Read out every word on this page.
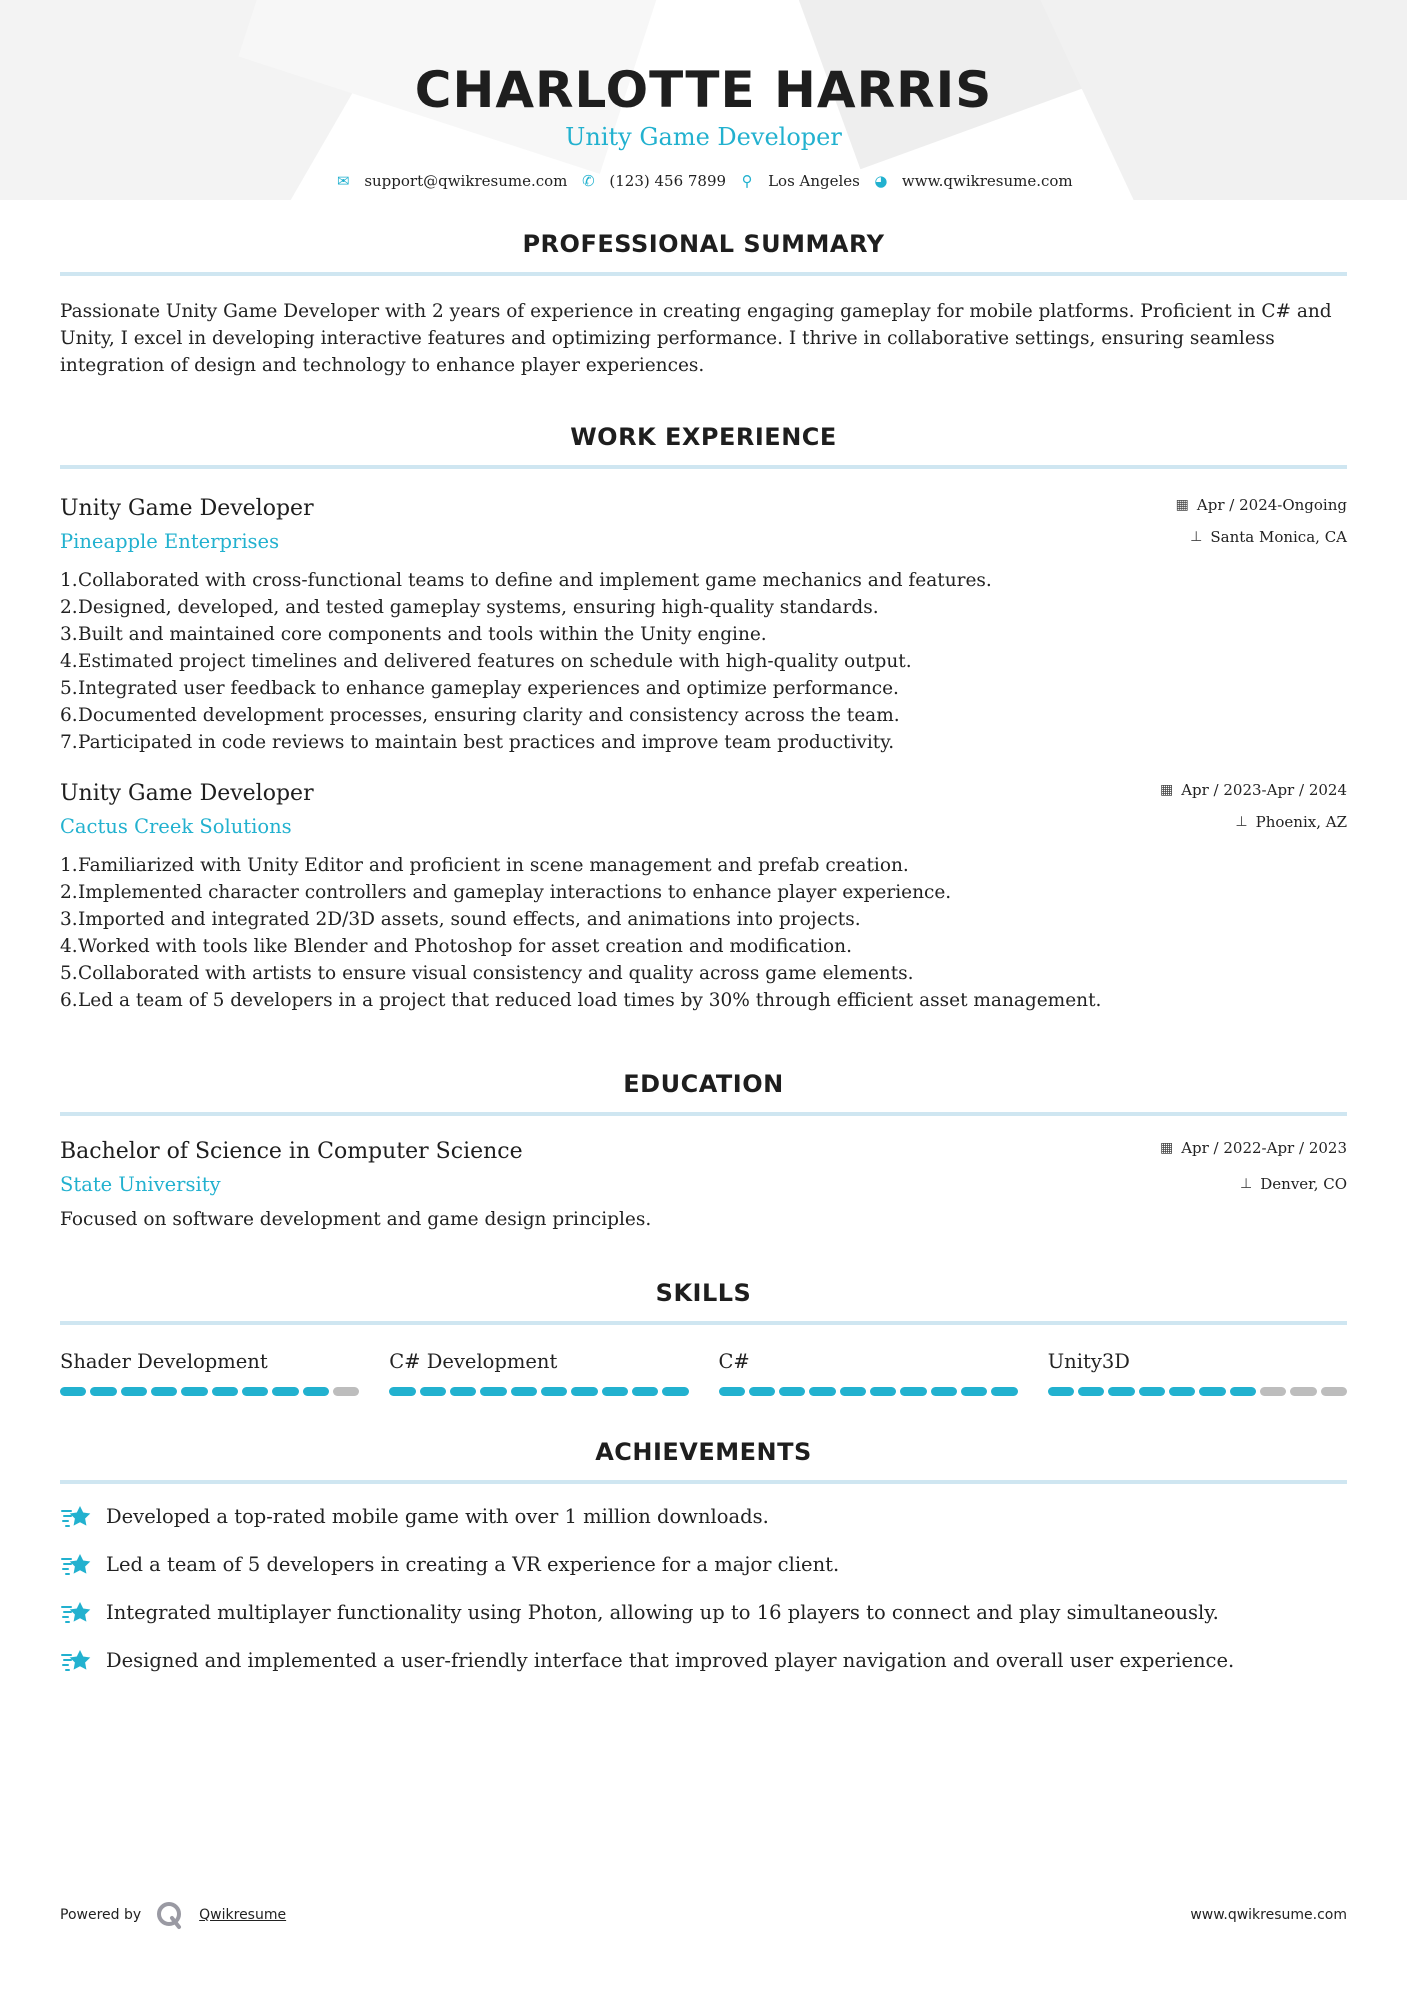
CHARLOTTE HARRIS
Unity Game Developer
✉ support@qwikresume.com ✆ (123) 456 7899 ⚲ Los Angeles ◕ www.qwikresume.com
PROFESSIONAL SUMMARY

Passionate Unity Game Developer with 2 years of experience in creating engaging gameplay for mobile platforms. Proficient in C# and Unity, I excel in developing interactive features and optimizing performance. I thrive in collaborative settings, ensuring seamless integration of design and technology to enhance player experiences.

WORK EXPERIENCE
Unity Game Developer
Pineapple Enterprises
▦ Apr / 2024-Ongoing
⊥ Santa Monica, CA
1. Collaborated with cross-functional teams to define and implement game mechanics and features.
2. Designed, developed, and tested gameplay systems, ensuring high-quality standards.
3. Built and maintained core components and tools within the Unity engine.
4. Estimated project timelines and delivered features on schedule with high-quality output.
5. Integrated user feedback to enhance gameplay experiences and optimize performance.
6. Documented development processes, ensuring clarity and consistency across the team.
7. Participated in code reviews to maintain best practices and improve team productivity.
Unity Game Developer
Cactus Creek Solutions
▦ Apr / 2023-Apr / 2024
⊥ Phoenix, AZ
1. Familiarized with Unity Editor and proficient in scene management and prefab creation.
2. Implemented character controllers and gameplay interactions to enhance player experience.
3. Imported and integrated 2D/3D assets, sound effects, and animations into projects.
4. Worked with tools like Blender and Photoshop for asset creation and modification.
5. Collaborated with artists to ensure visual consistency and quality across game elements.
6. Led a team of 5 developers in a project that reduced load times by 30% through efficient asset management.
EDUCATION
Bachelor of Science in Computer Science
State University
▦ Apr / 2022-Apr / 2023
⊥ Denver, CO

Focused on software development and game design principles.

SKILLS
Shader Development	C# Development	C#	Unity3D
ACHIEVEMENTS
Developed a top-rated mobile game with over 1 million downloads.
Led a team of 5 developers in creating a VR experience for a major client.
Integrated multiplayer functionality using Photon, allowing up to 16 players to connect and play simultaneously.
Designed and implemented a user-friendly interface that improved player navigation and overall user experience.
Powered by	Qwikresume	www.qwikresume.com
